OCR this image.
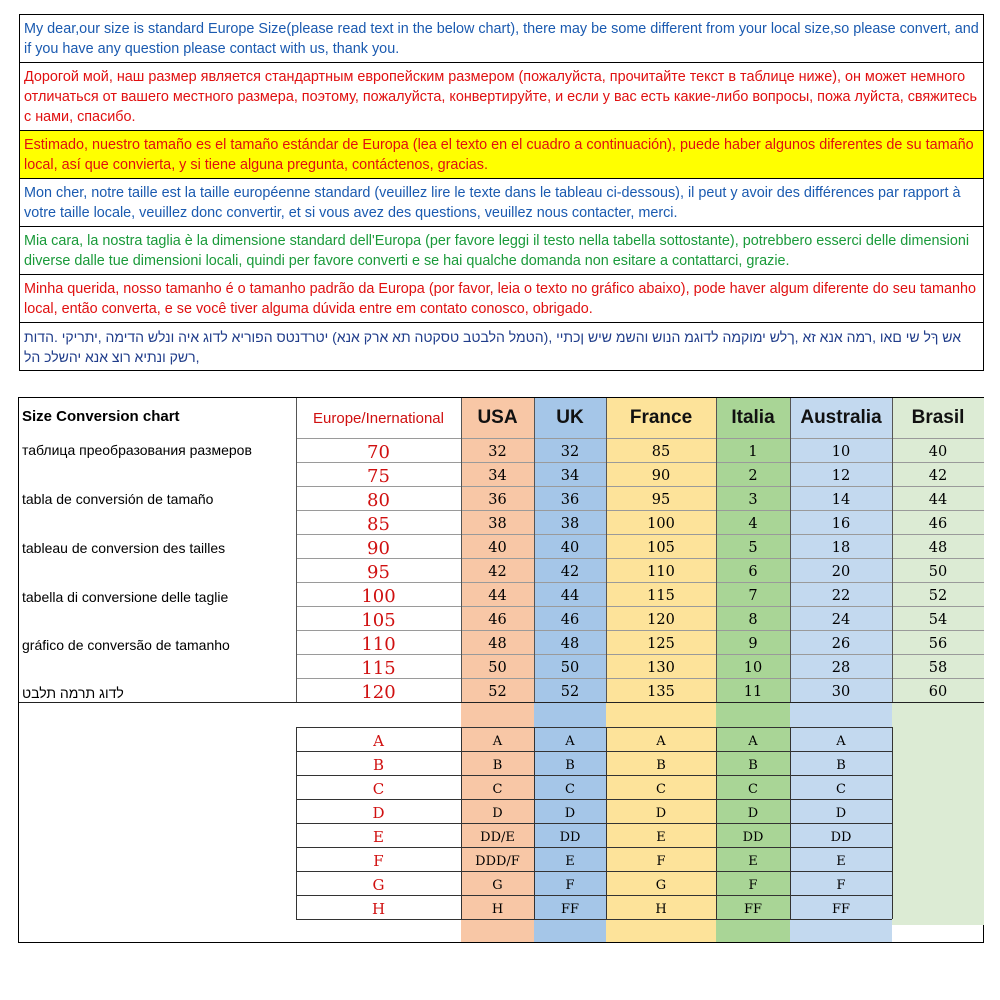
My dear,our size is standard Europe Size(please read text in the below chart), there may be some different from your local size,so please convert, and if you have any question please contact with us, thank you.
Дорогой мой, наш размер является стандартным европейским размером (пожалуйста, прочитайте текст в таблице ниже), он может немного отличаться от вашего местного размера, поэтому, пожалуйста, конвертируйте, и если у вас есть какие-либо вопросы, пожа луйста, свяжитесь с нами, спасибо.
Estimado, nuestro tamaño es el tamaño estándar de Europa (lea el texto en el cuadro a continuación), puede haber algunos diferentes de su tamaño local, así que convierta, y si tiene alguna pregunta, contáctenos, gracias.
Mon cher, notre taille est la taille européenne standard (veuillez lire le texte dans le tableau ci-dessous), il peut y avoir des différences par rapport à votre taille locale, veuillez donc convertir, et si vous avez des questions, veuillez nous contacter, merci.
Mia cara, la nostra taglia è la dimensione standard dell'Europa (per favore leggi il testo nella tabella sottostante), potrebbero esserci delle dimensioni diverse dalle tue dimensioni locali, quindi per favore converti e se hai qualche domanda non esitare a contattarci, grazie.
Minha querida, nosso tamanho é o tamanho padrão da Europa (por favor, leia o texto no gráfico abaixo), pode haver algum diferente do seu tamanho local, então converta, e se você tiver alguma dúvida entre em contato conosco, obrigado.
אש ךָל שי םאו ,רמה אנא זא ,ךלש ימוקמה לדוגמ הנוש והשמ שיש ןכתיי ,(הטמל הלבטב טסקטה תא ארק אנא) יטרדנטס הפוריא לדוג איה ונלש הדימה ,יתריקי .הדות ,רשק ונתיא רוצ אנא יהשלכ הל
Size Conversion chart
таблица преобразования размеров
tabla de conversión de tamaño
tableau de conversion des tailles
tabella di conversione delle taglie
gráfico de conversão de tamanho
לדוג תרמה תלבט
Europe/Inernational	USA	UK	France	Italia	Australia	Brasil
70	32	32	85	1	10	40
75	34	34	90	2	12	42
80	36	36	95	3	14	44
85	38	38	100	4	16	46
90	40	40	105	5	18	48
95	42	42	110	6	20	50
100	44	44	115	7	22	52
105	46	46	120	8	24	54
110	48	48	125	9	26	56
115	50	50	130	10	28	58
120	52	52	135	11	30	60
A	A	A	A	A	A
B	B	B	B	B	B
C	C	C	C	C	C
D	D	D	D	D	D
E	DD/E	DD	E	DD	DD
F	DDD/F	E	F	E	E
G	G	F	G	F	F
H	H	FF	H	FF	FF
